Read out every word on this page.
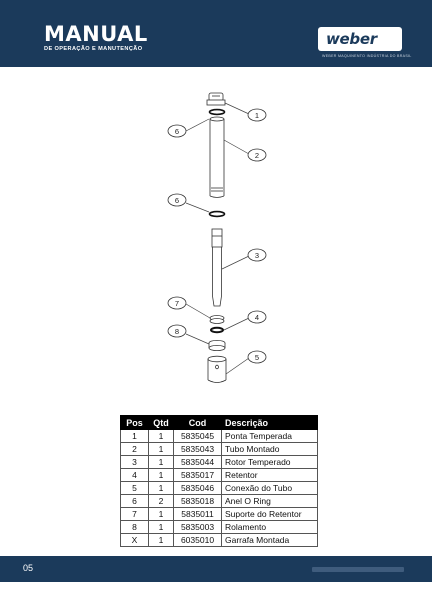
MANUAL
DE OPERAÇÃO E MANUTENÇÃO
weber mt
WEBER MAQUINENTO INDÚSTRIA DO BRASIL
1
6
2
6
3
7
4
8
5
Pos	Qtd	Cod	Descrição
1	1	5835045	Ponta Temperada
2	1	5835043	Tubo Montado
3	1	5835044	Rotor Temperado
4	1	5835017	Retentor
5	1	5835046	Conexão do Tubo
6	2	5835018	Anel O Ring
7	1	5835011	Suporte do Retentor
8	1	5835003	Rolamento
X	1	6035010	Garrafa Montada
05
